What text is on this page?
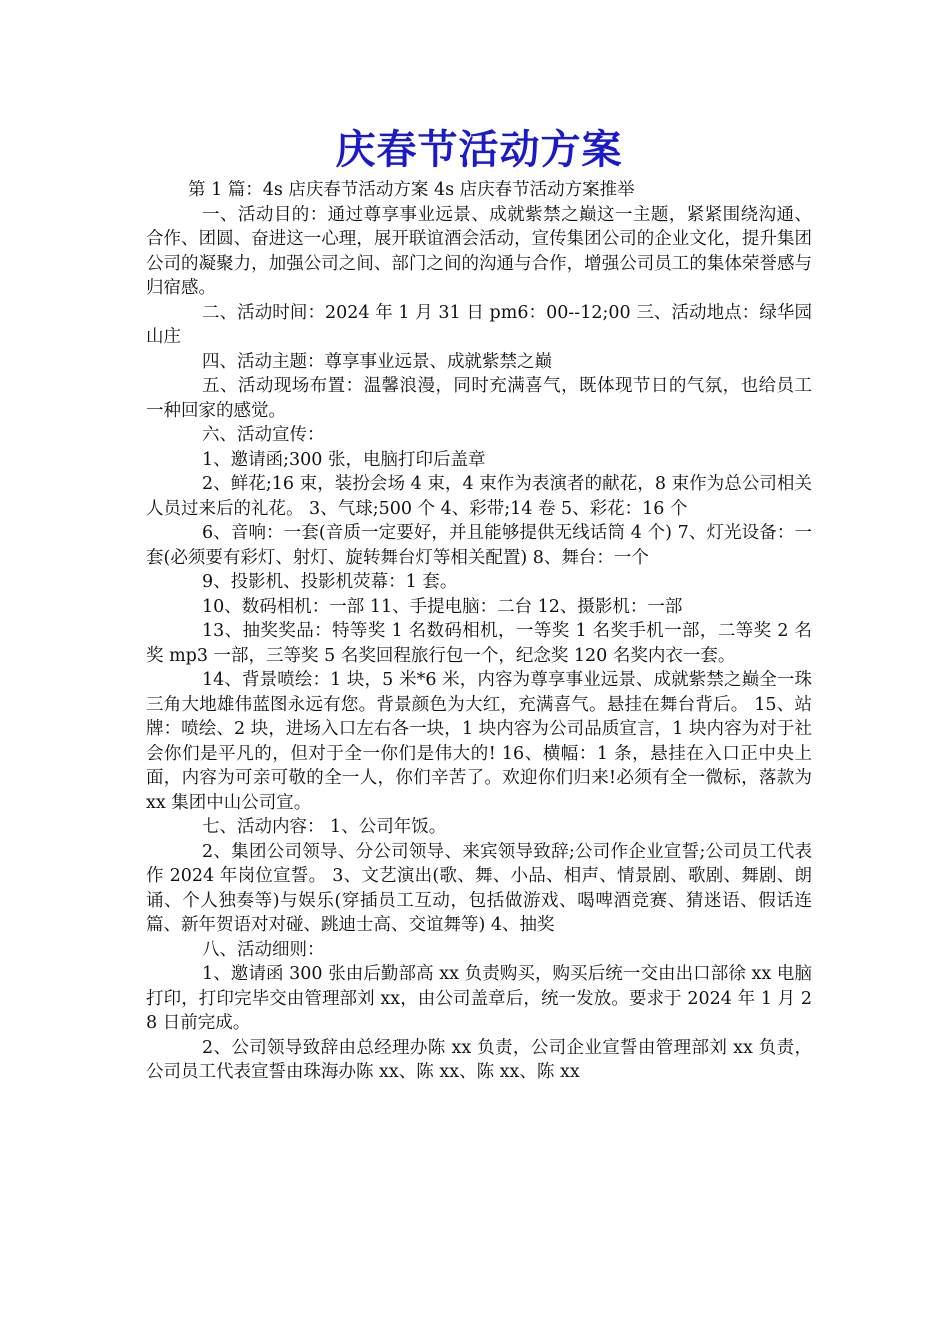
庆春节活动方案

第 1 篇：4s 店庆春节活动方案 4s 店庆春节活动方案推举

一、活动目的：通过尊享事业远景、成就紫禁之巅这一主题，紧紧围绕沟通、合作、团圆、奋进这一心理，展开联谊酒会活动，宣传集团公司的企业文化，提升集团公司的凝聚力，加强公司之间、部门之间的沟通与合作，增强公司员工的集体荣誉感与归宿感。

二、活动时间：2024 年 1 月 31 日 pm6：00--12;00 三、活动地点：绿华园山庄

四、活动主题：尊享事业远景、成就紫禁之巅

五、活动现场布置：温馨浪漫，同时充满喜气，既体现节日的气氛，也给员工一种回家的感觉。

六、活动宣传：

1、邀请函;300 张，电脑打印后盖章

2、鲜花;16 束，装扮会场 4 束，4 束作为表演者的献花，8 束作为总公司相关人员过来后的礼花。 3、气球;500 个 4、彩带;14 卷 5、彩花：16 个

6、音响：一套(音质一定要好，并且能够提供无线话筒 4 个) 7、灯光设备：一套(必须要有彩灯、射灯、旋转舞台灯等相关配置) 8、舞台：一个

9、投影机、投影机荧幕：1 套。

10、数码相机：一部 11、手提电脑：二台 12、摄影机：一部

13、抽奖奖品：特等奖 1 名数码相机，一等奖 1 名奖手机一部，二等奖 2 名奖 mp3 一部，三等奖 5 名奖回程旅行包一个，纪念奖 120 名奖内衣一套。

14、背景喷绘：1 块，5 米*6 米，内容为尊享事业远景、成就紫禁之巅全一珠三角大地雄伟蓝图永远有您。背景颜色为大红，充满喜气。悬挂在舞台背后。 15、站牌：喷绘、2 块，进场入口左右各一块，1 块内容为公司品质宣言，1 块内容为对于社会你们是平凡的，但对于全一你们是伟大的! 16、横幅：1 条，悬挂在入口正中央上面，内容为可亲可敬的全一人，你们辛苦了。欢迎你们归来!必须有全一微标，落款为 xx 集团中山公司宣。

七、活动内容： 1、公司年饭。

2、集团公司领导、分公司领导、来宾领导致辞;公司作企业宣誓;公司员工代表作 2024 年岗位宣誓。 3、文艺演出(歌、舞、小品、相声、情景剧、歌剧、舞剧、朗诵、个人独奏等)与娱乐(穿插员工互动，包括做游戏、喝啤酒竞赛、猜迷语、假话连篇、新年贺语对对碰、跳迪士高、交谊舞等) 4、抽奖

八、活动细则：

1、邀请函 300 张由后勤部高 xx 负责购买，购买后统一交由出口部徐 xx 电脑打印，打印完毕交由管理部刘 xx，由公司盖章后，统一发放。要求于 2024 年 1 月 28 日前完成。

2、公司领导致辞由总经理办陈 xx 负责，公司企业宣誓由管理部刘 xx 负责，公司员工代表宣誓由珠海办陈 xx、陈 xx、陈 xx、陈 xx
